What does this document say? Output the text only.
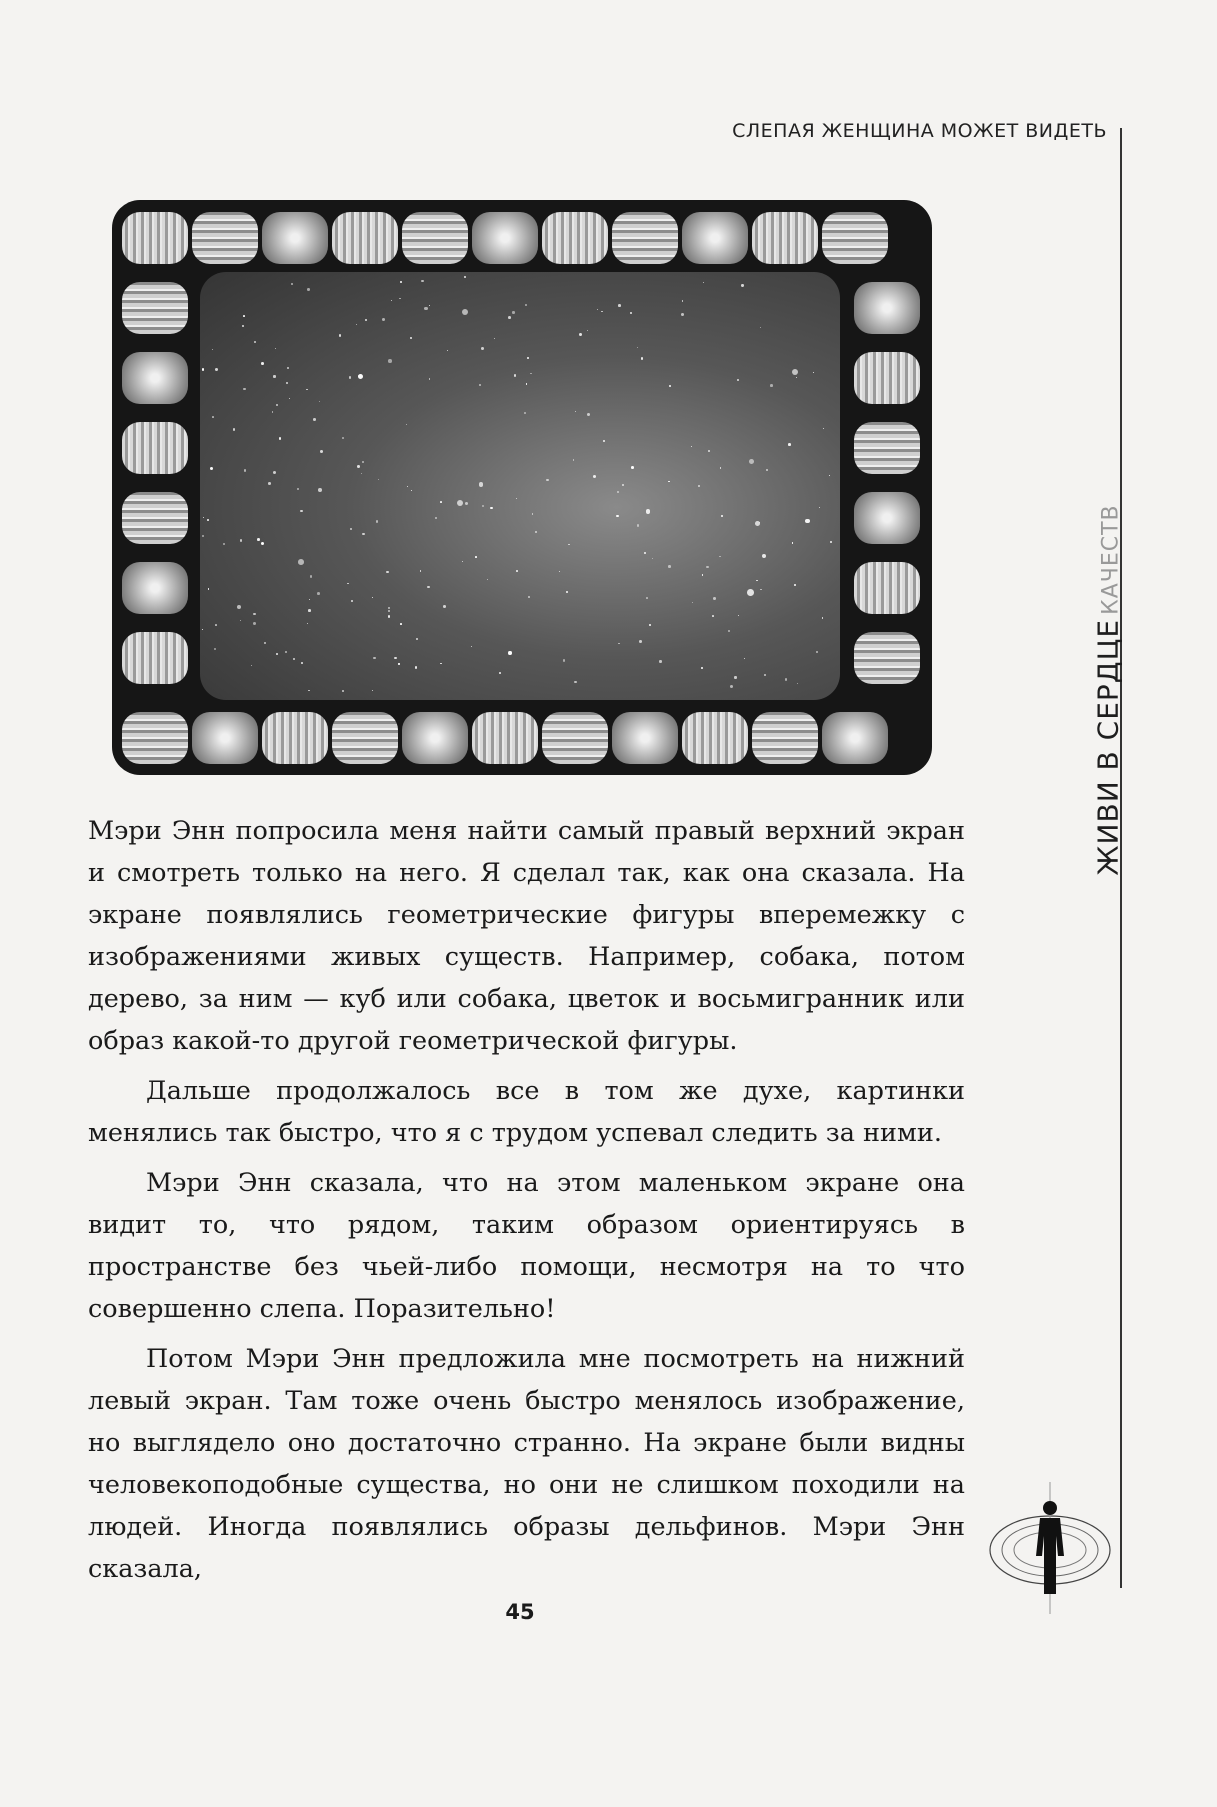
СЛЕПАЯ ЖЕНЩИНА МОЖЕТ ВИДЕТЬ
ЖИВИ В СЕРДЦЕКАЧЕСТВ

Мэри Энн попросила меня найти самый правый верхний экран и смотреть только на него. Я сделал так, как она сказала. На экране появлялись геометрические фигуры вперемежку с изображениями живых существ. Например, собака, потом дерево, за ним — куб или собака, цветок и восьмигранник или образ какой-то другой геометрической фигуры.

Дальше продолжалось все в том же духе, картинки менялись так быстро, что я с трудом успевал следить за ними.

Мэри Энн сказала, что на этом маленьком экране она видит то, что рядом, таким образом ориентируясь в пространстве без чьей-либо помощи, несмотря на то что совершенно слепа. Поразительно!

Потом Мэри Энн предложила мне посмотреть на нижний левый экран. Там тоже очень быстро менялось изображение, но выглядело оно достаточно странно. На экране были видны человекоподобные существа, но они не слишком походили на людей. Иногда появлялись образы дельфинов. Мэри Энн сказала,

45
